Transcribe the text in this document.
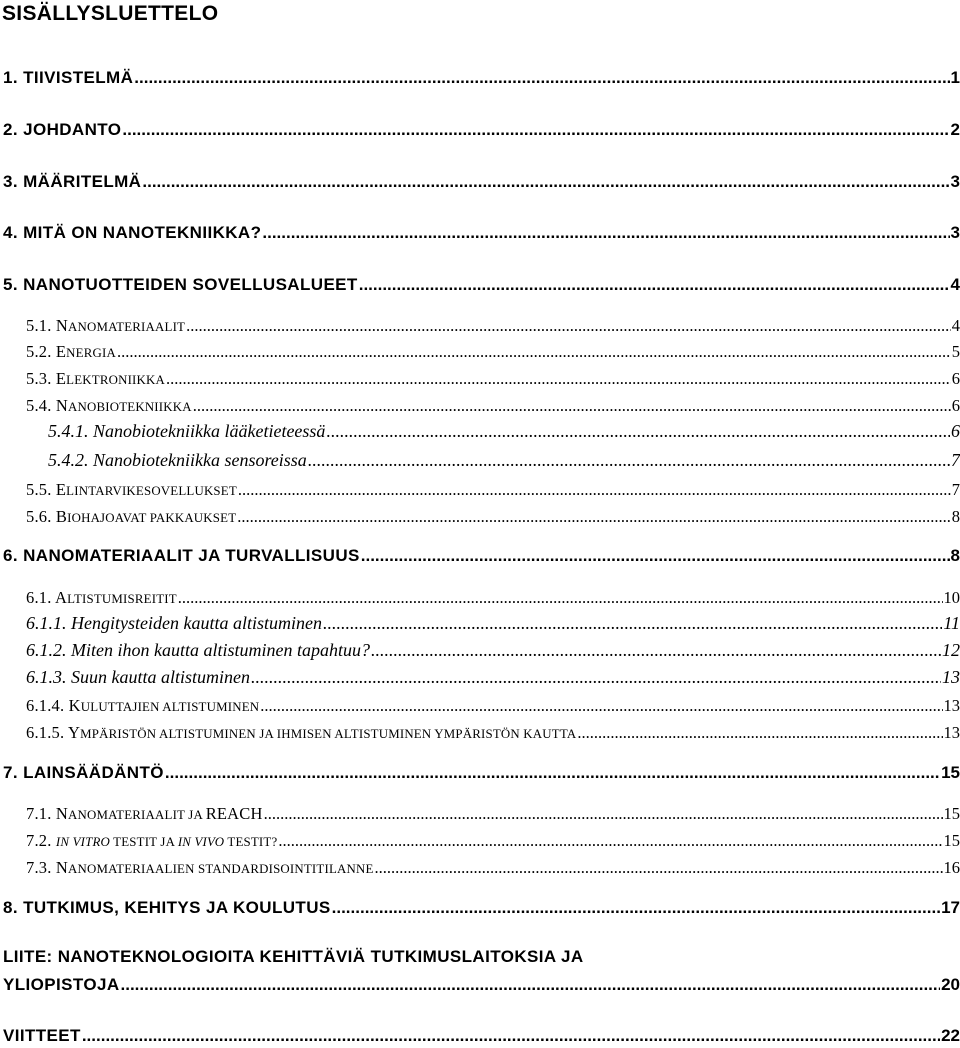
SISÄLLYSLUETTELO
1. TIIVISTELMÄ .....	1
2. JOHDANTO .....	2
3. MÄÄRITELMÄ .....	3
4. MITÄ ON NANOTEKNIIKKA? .....	3
5. NANOTUOTTEIDEN SOVELLUSALUEET .....	4
5.1. NANOMATERIAALIT .....	4
5.2. ENERGIA .....	5
5.3. ELEKTRONIIKKA .....	6
5.4. NANOBIOTEKNIIKKA .....	6
5.4.1. Nanobiotekniikka lääketieteessä .....	6
5.4.2. Nanobiotekniikka sensoreissa .....	7
5.5. ELINTARVIKESOVELLUKSET .....	7
5.6. BIOHAJOAVAT PAKKAUKSET .....	8
6. NANOMATERIAALIT JA TURVALLISUUS .....	8
6.1. ALTISTUMISREITIT .....	10
6.1.1. Hengitysteiden kautta altistuminen .....	11
6.1.2. Miten ihon kautta altistuminen tapahtuu? .....	12
6.1.3. Suun kautta altistuminen .....	13
6.1.4. KULUTTAJIEN ALTISTUMINEN .....	13
6.1.5. YMPÄRISTÖN ALTISTUMINEN JA IHMISEN ALTISTUMINEN YMPÄRISTÖN KAUTTA .....	13
7. LAINSÄÄDÄNTÖ .....	15
7.1. NANOMATERIAALIT JA REACH .....	15
7.2. IN VITRO TESTIT JA IN VIVO TESTIT? .....	15
7.3. NANOMATERIAALIEN STANDARDISOINTITILANNE .....	16
8. TUTKIMUS, KEHITYS JA KOULUTUS .....	17
LIITE: NANOTEKNOLOGIOITA KEHITTÄVIÄ TUTKIMUSLAITOKSIA JA
YLIOPISTOJA .....	20
VIITTEET .....	22
